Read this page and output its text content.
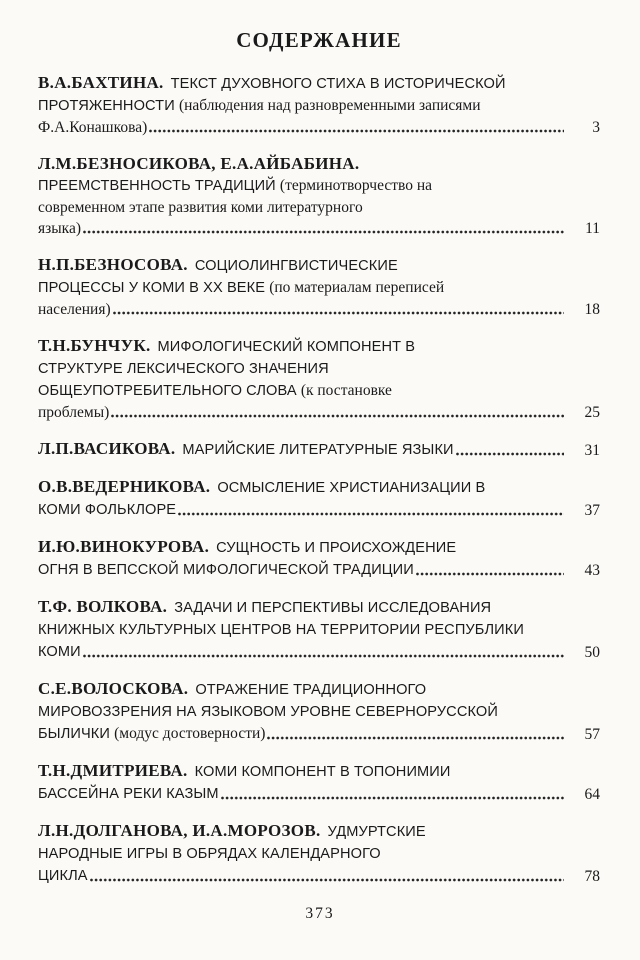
СОДЕРЖАНИЕ
В.А.БАХТИНА. ТЕКСТ ДУХОВНОГО СТИХА В ИСТОРИЧЕСКОЙ
ПРОТЯЖЕННОСТИ (наблюдения над разновременными записями
Ф.А.Конашкова)	3
Л.М.БЕЗНОСИКОВА, Е.А.АЙБАБИНА.
ПРЕЕМСТВЕННОСТЬ ТРАДИЦИЙ (терминотворчество на
современном этапе развития коми литературного
языка)	11
Н.П.БЕЗНОСОВА. СОЦИОЛИНГВИСТИЧЕСКИЕ
ПРОЦЕССЫ У КОМИ В XX ВЕКЕ (по материалам переписей
населения)	18
Т.Н.БУНЧУК. МИФОЛОГИЧЕСКИЙ КОМПОНЕНТ В
СТРУКТУРЕ ЛЕКСИЧЕСКОГО ЗНАЧЕНИЯ
ОБЩЕУПОТРЕБИТЕЛЬНОГО СЛОВА (к постановке
проблемы)	25
Л.П.ВАСИКОВА. МАРИЙСКИЕ ЛИТЕРАТУРНЫЕ ЯЗЫКИ	31
О.В.ВЕДЕРНИКОВА. ОСМЫСЛЕНИЕ ХРИСТИАНИЗАЦИИ В
КОМИ ФОЛЬКЛОРЕ	37
И.Ю.ВИНОКУРОВА. СУЩНОСТЬ И ПРОИСХОЖДЕНИЕ
ОГНЯ В ВЕПССКОЙ МИФОЛОГИЧЕСКОЙ ТРАДИЦИИ	43
Т.Ф. ВОЛКОВА. ЗАДАЧИ И ПЕРСПЕКТИВЫ ИССЛЕДОВАНИЯ
КНИЖНЫХ КУЛЬТУРНЫХ ЦЕНТРОВ НА ТЕРРИТОРИИ РЕСПУБЛИКИ
КОМИ	50
С.Е.ВОЛОСКОВА. ОТРАЖЕНИЕ ТРАДИЦИОННОГО
МИРОВОЗЗРЕНИЯ НА ЯЗЫКОВОМ УРОВНЕ СЕВЕРНОРУССКОЙ
БЫЛИЧКИ (модус достоверности)	57
Т.Н.ДМИТРИЕВА. КОМИ КОМПОНЕНТ В ТОПОНИМИИ
БАССЕЙНА РЕКИ КАЗЫМ	64
Л.Н.ДОЛГАНОВА, И.А.МОРОЗОВ. УДМУРТСКИЕ
НАРОДНЫЕ ИГРЫ В ОБРЯДАХ КАЛЕНДАРНОГО
ЦИКЛА	78
373
